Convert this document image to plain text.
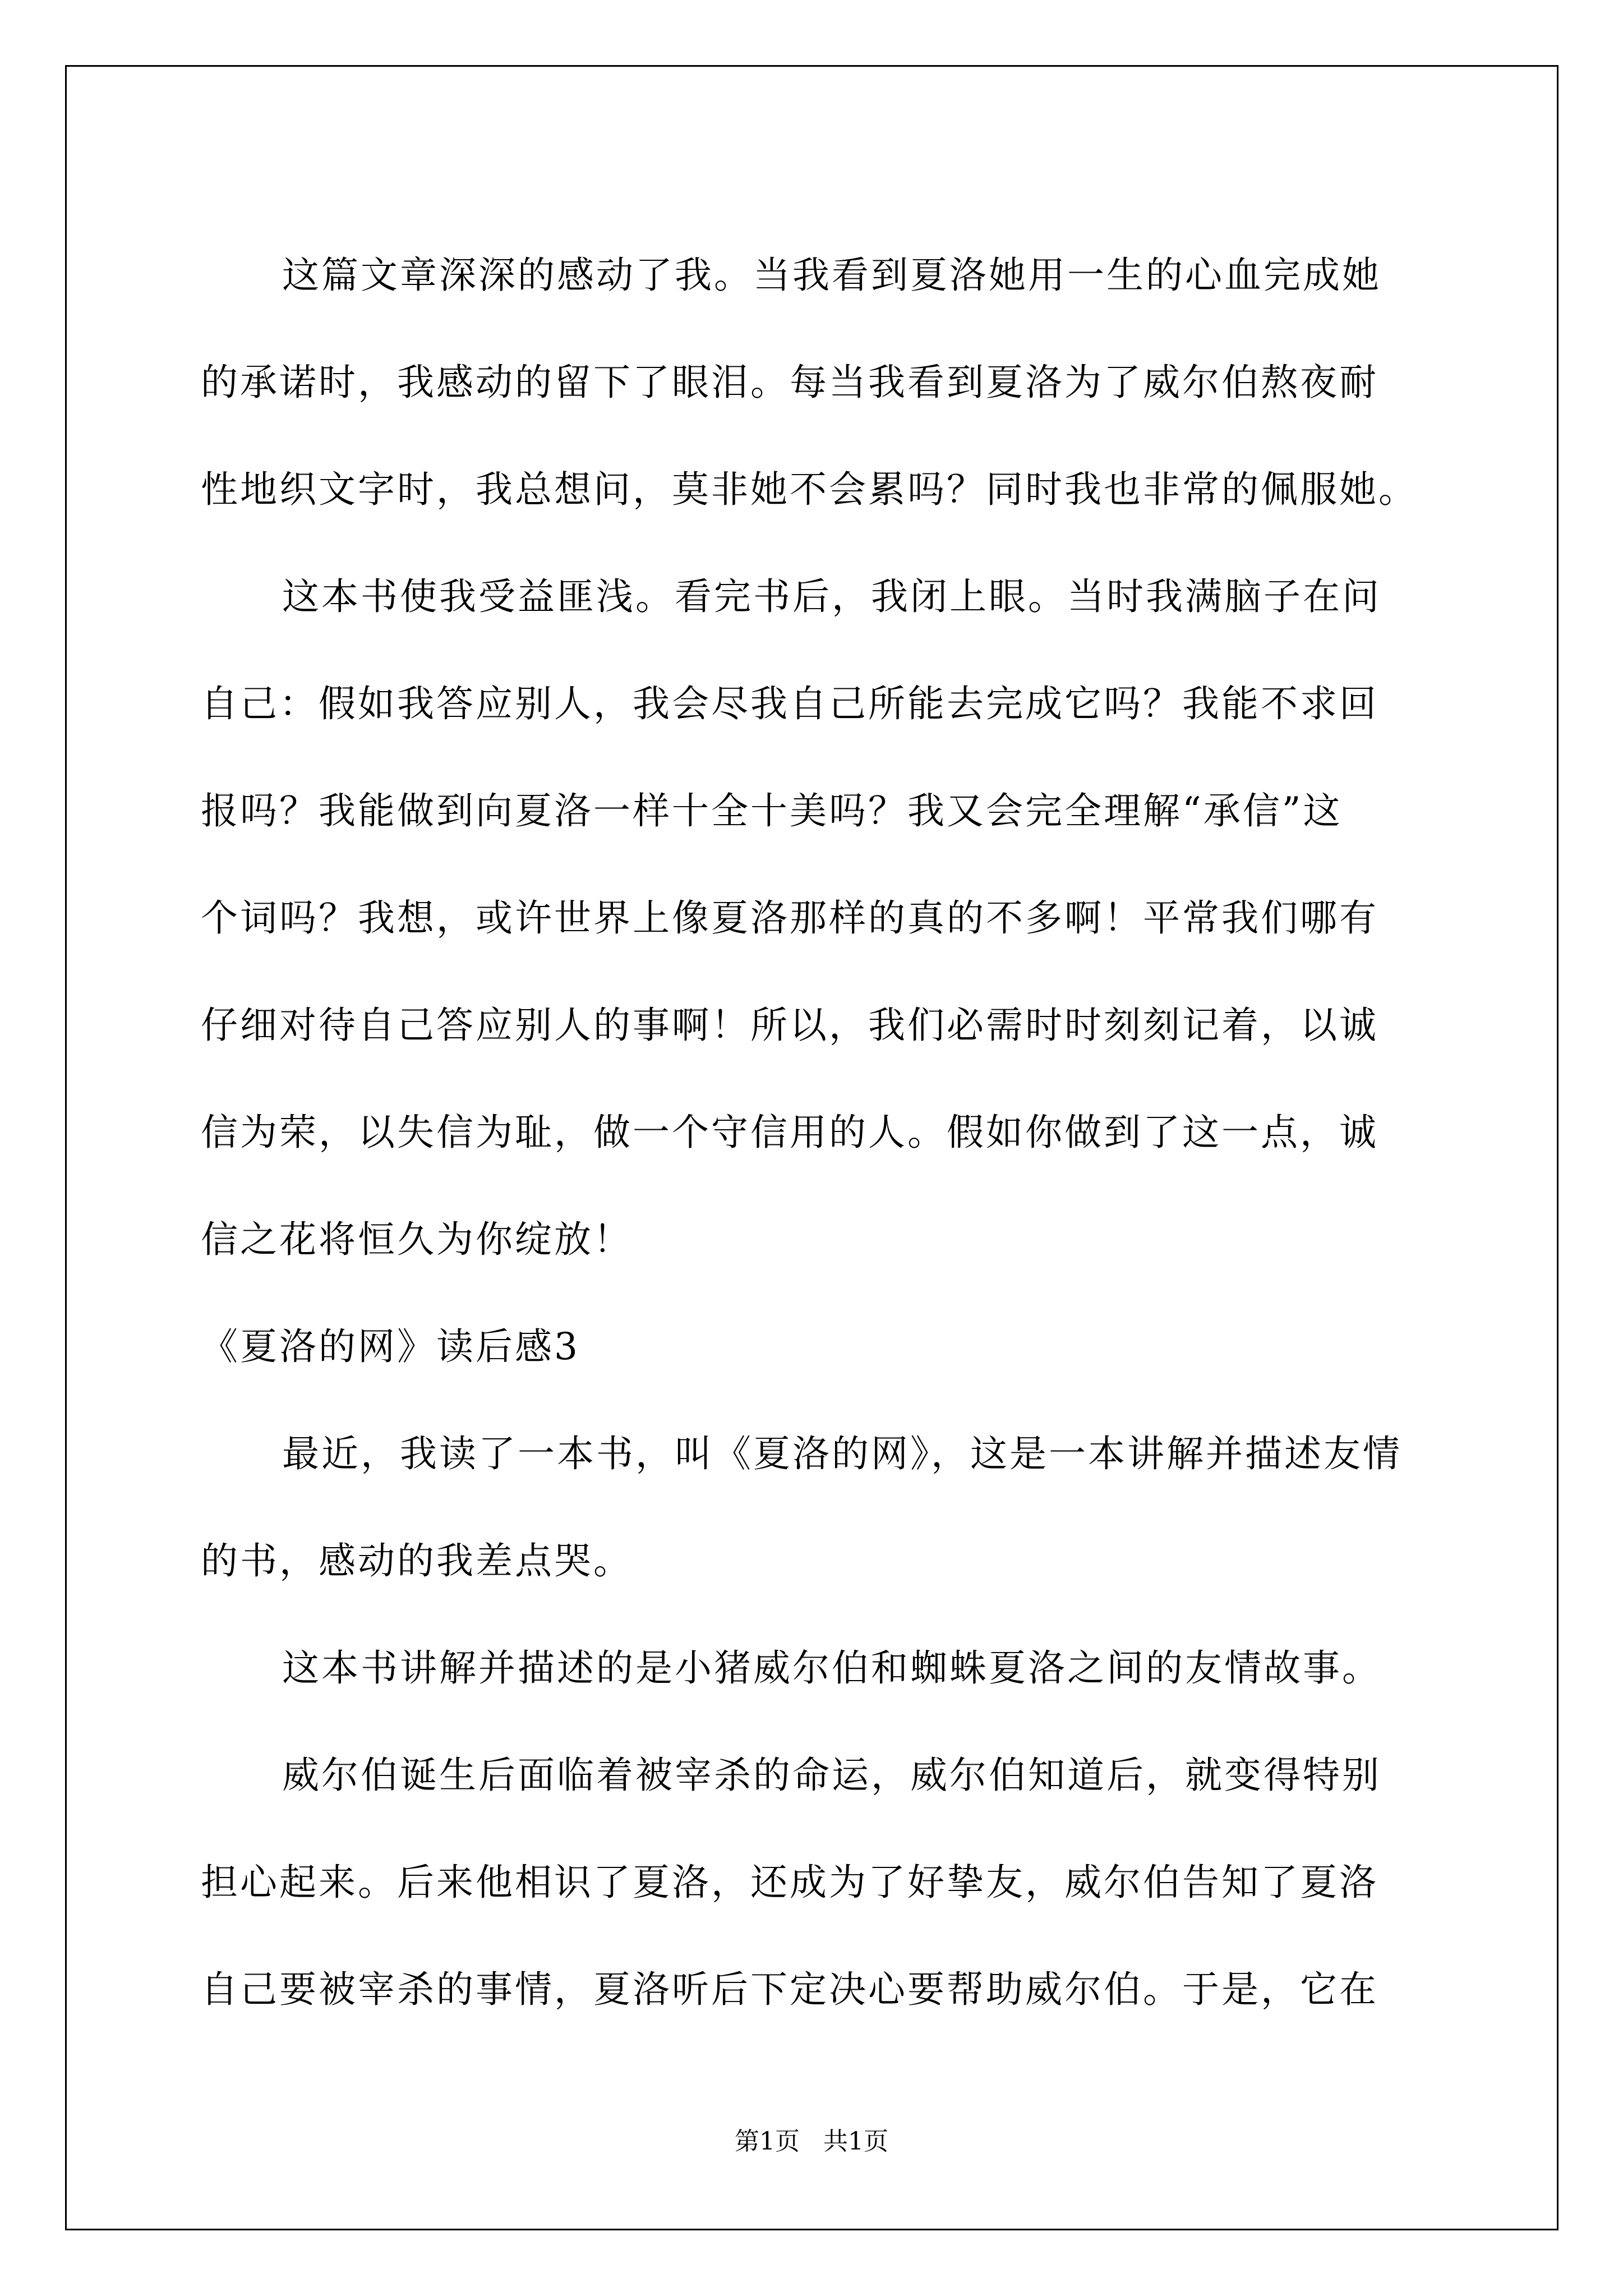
这篇文章深深的感动了我。当我看到夏洛她用一生的心血完成她
的承诺时，我感动的留下了眼泪。每当我看到夏洛为了威尔伯熬夜耐
性地织文字时，我总想问，莫非她不会累吗？同时我也非常的佩服她。
这本书使我受益匪浅。看完书后，我闭上眼。当时我满脑子在问
自己：假如我答应别人，我会尽我自己所能去完成它吗？我能不求回
报吗？我能做到向夏洛一样十全十美吗？我又会完全理解“承信”这
个词吗？我想，或许世界上像夏洛那样的真的不多啊！平常我们哪有
仔细对待自己答应别人的事啊！所以，我们必需时时刻刻记着，以诚
信为荣，以失信为耻，做一个守信用的人。假如你做到了这一点，诚
信之花将恒久为你绽放！
《夏洛的网》读后感3
最近，我读了一本书，叫《夏洛的网》，这是一本讲解并描述友情
的书，感动的我差点哭。
这本书讲解并描述的是小猪威尔伯和蜘蛛夏洛之间的友情故事。
威尔伯诞生后面临着被宰杀的命运，威尔伯知道后，就变得特别
担心起来。后来他相识了夏洛，还成为了好挚友，威尔伯告知了夏洛
自己要被宰杀的事情，夏洛听后下定决心要帮助威尔伯。于是，它在
第1页   共1页
